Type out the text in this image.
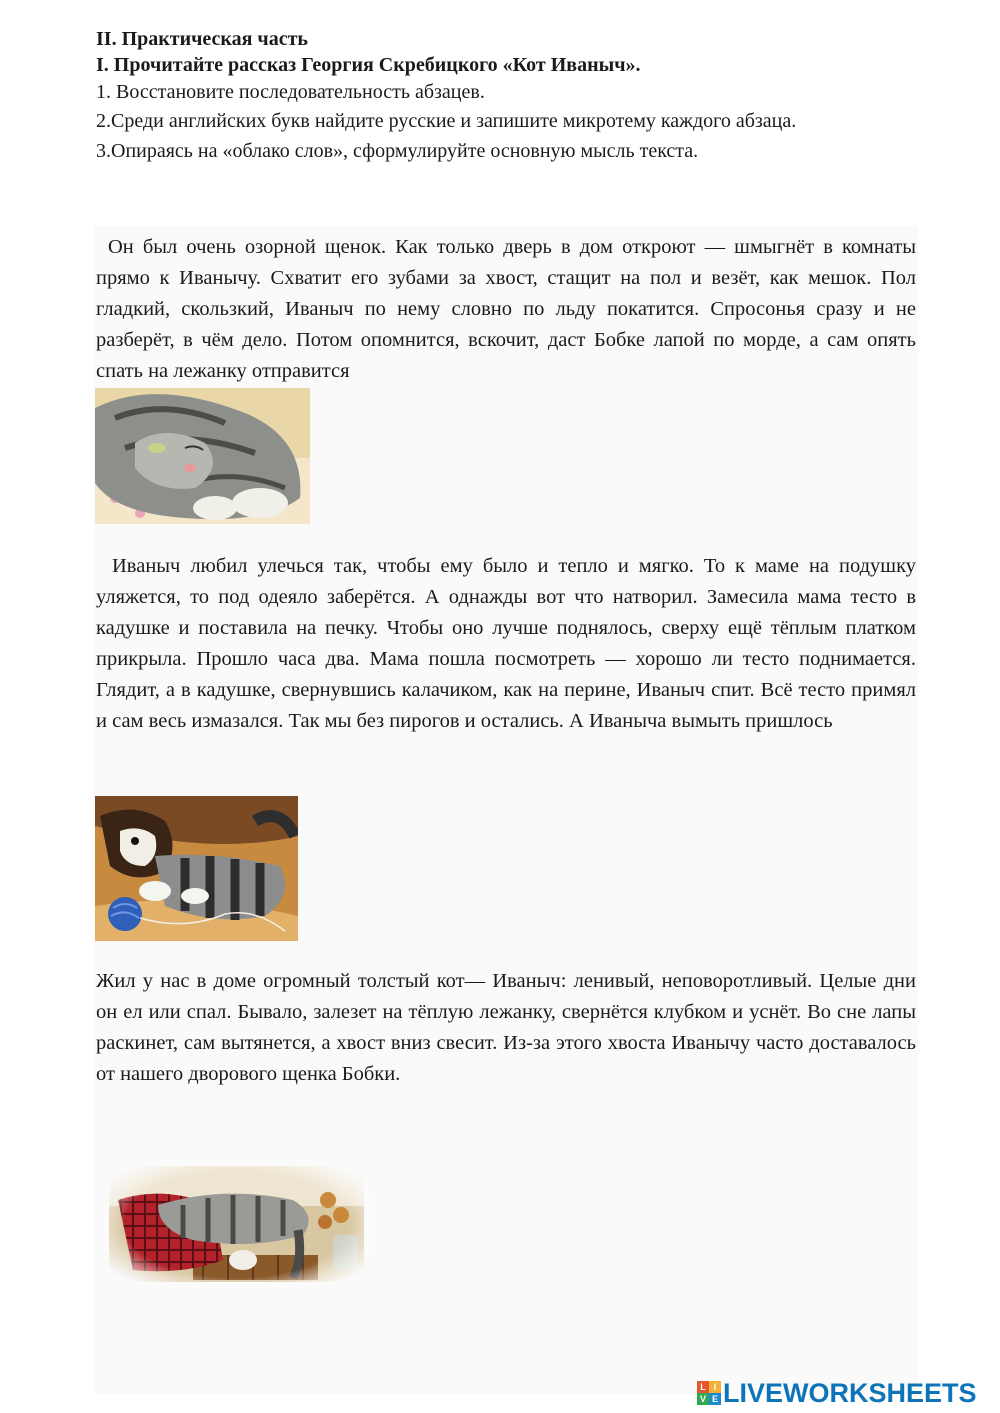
II. Практическая часть

I. Прочитайте рассказ Георгия Скребицкого «Кот Иваныч».

1. Восстановите последовательность абзацев.

2.Среди английских букв найдите русские и запишите микротему каждого абзаца.

3.Опираясь на «облако слов», сформулируйте основную мысль текста.

Он был очень озорной щенок. Как только дверь в дом откроют — шмыгнёт в комнаты прямо к Иванычу. Схватит его зубами за хвост, стащит на пол и везёт, как мешок. Пол гладкий, скользкий, Иваныч по нему словно по льду покатится. Спросонья сразу и не разберёт, в чём дело. Потом опомнится, вскочит, даст Бобке лапой по морде, а сам опять спать на лежанку отправится

Иваныч любил улечься так, чтобы ему было и тепло и мягко. То к маме на подушку уляжется, то под одеяло заберётся. А однажды вот что натворил. Замесила мама тесто в кадушке и поставила на печку. Чтобы оно лучше поднялось, сверху ещё тёплым платком прикрыла. Прошло часа два. Мама пошла посмотреть — хорошо ли тесто поднимается. Глядит, а в кадушке, свернувшись калачиком, как на перине, Иваныч спит. Всё тесто примял и сам весь измазался. Так мы без пирогов и остались. А Иваныча вымыть пришлось

Жил у нас в доме огромный толстый кот— Иваныч: ленивый, неповоротливый. Целые дни он ел или спал. Бывало, залезет на тёплую лежанку, свернётся клубком и уснёт. Во сне лапы раскинет, сам вытянется, а хвост вниз свесит. Из-за этого хвоста Иванычу часто доставалось от нашего дворового щенка Бобки.

L I
V E LIVEWORKSHEETS
